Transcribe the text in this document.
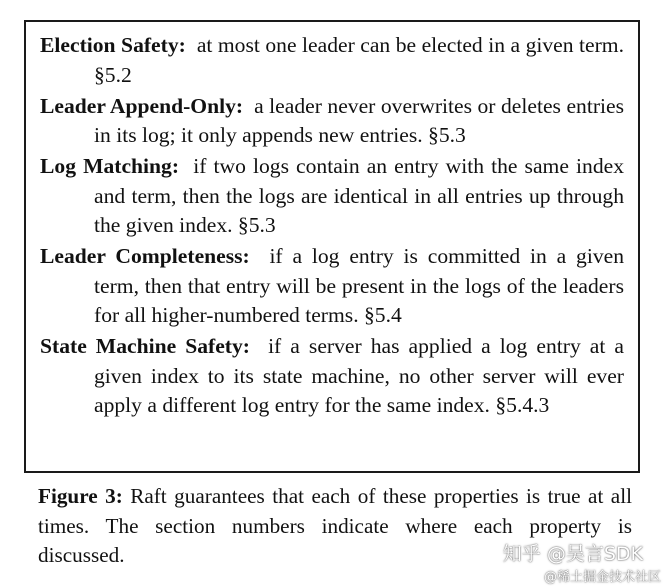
Election Safety: at most one leader can be elected in a given term. §5.2

Leader Append-Only: a leader never overwrites or deletes entries in its log; it only appends new entries. §5.3

Log Matching: if two logs contain an entry with the same index and term, then the logs are identical in all entries up through the given index. §5.3

Leader Completeness: if a log entry is committed in a given term, then that entry will be present in the logs of the leaders for all higher-numbered terms. §5.4

State Machine Safety: if a server has applied a log entry at a given index to its state machine, no other server will ever apply a different log entry for the same index. §5.4.3

Figure 3: Raft guarantees that each of these properties is true at all times. The section numbers indicate where each property is discussed.	知乎 @吴言SDK
@稀土掘金技术社区
